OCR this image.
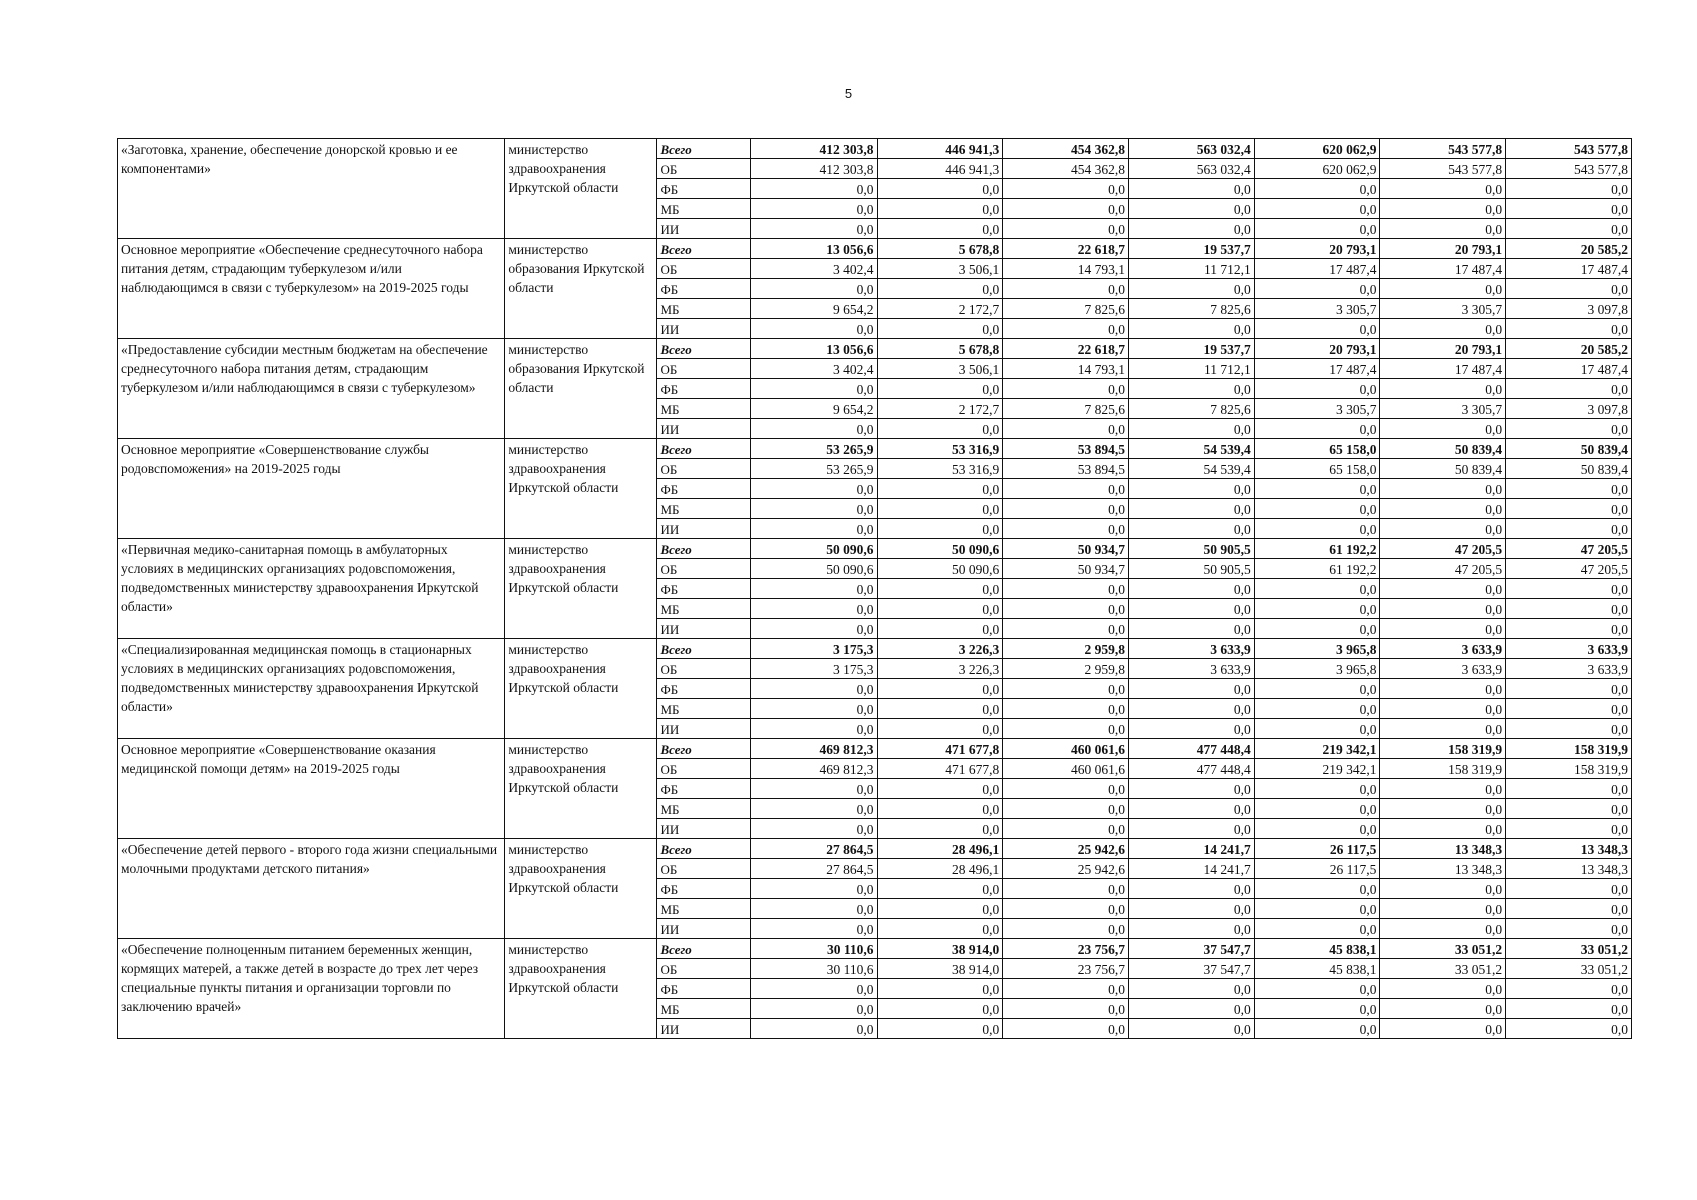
5
«Заготовка, хранение, обеспечение донорской кровью и ее компонентами»	министерство здравоохранения Иркутской области	Всего	412 303,8	446 941,3	454 362,8	563 032,4	620 062,9	543 577,8	543 577,8
		ОБ	412 303,8	446 941,3	454 362,8	563 032,4	620 062,9	543 577,8	543 577,8
		ФБ	0,0	0,0	0,0	0,0	0,0	0,0	0,0
		МБ	0,0	0,0	0,0	0,0	0,0	0,0	0,0
		ИИ	0,0	0,0	0,0	0,0	0,0	0,0	0,0
Основное мероприятие «Обеспечение среднесуточного набора питания детям, страдающим туберкулезом и/или наблюдающимся в связи с туберкулезом» на 2019-2025 годы	министерство образования Иркутской области	Всего	13 056,6	5 678,8	22 618,7	19 537,7	20 793,1	20 793,1	20 585,2
		ОБ	3 402,4	3 506,1	14 793,1	11 712,1	17 487,4	17 487,4	17 487,4
		ФБ	0,0	0,0	0,0	0,0	0,0	0,0	0,0
		МБ	9 654,2	2 172,7	7 825,6	7 825,6	3 305,7	3 305,7	3 097,8
		ИИ	0,0	0,0	0,0	0,0	0,0	0,0	0,0
«Предоставление субсидии местным бюджетам на обеспечение среднесуточного набора питания детям, страдающим туберкулезом и/или наблюдающимся в связи с туберкулезом»	министерство образования Иркутской области	Всего	13 056,6	5 678,8	22 618,7	19 537,7	20 793,1	20 793,1	20 585,2
		ОБ	3 402,4	3 506,1	14 793,1	11 712,1	17 487,4	17 487,4	17 487,4
		ФБ	0,0	0,0	0,0	0,0	0,0	0,0	0,0
		МБ	9 654,2	2 172,7	7 825,6	7 825,6	3 305,7	3 305,7	3 097,8
		ИИ	0,0	0,0	0,0	0,0	0,0	0,0	0,0
Основное мероприятие «Совершенствование службы родовспоможения» на 2019-2025 годы	министерство здравоохранения Иркутской области	Всего	53 265,9	53 316,9	53 894,5	54 539,4	65 158,0	50 839,4	50 839,4
		ОБ	53 265,9	53 316,9	53 894,5	54 539,4	65 158,0	50 839,4	50 839,4
		ФБ	0,0	0,0	0,0	0,0	0,0	0,0	0,0
		МБ	0,0	0,0	0,0	0,0	0,0	0,0	0,0
		ИИ	0,0	0,0	0,0	0,0	0,0	0,0	0,0
«Первичная медико-санитарная помощь в амбулаторных условиях в медицинских организациях родовспоможения, подведомственных министерству здравоохранения Иркутской области»	министерство здравоохранения Иркутской области	Всего	50 090,6	50 090,6	50 934,7	50 905,5	61 192,2	47 205,5	47 205,5
		ОБ	50 090,6	50 090,6	50 934,7	50 905,5	61 192,2	47 205,5	47 205,5
		ФБ	0,0	0,0	0,0	0,0	0,0	0,0	0,0
		МБ	0,0	0,0	0,0	0,0	0,0	0,0	0,0
		ИИ	0,0	0,0	0,0	0,0	0,0	0,0	0,0
«Специализированная медицинская помощь в стационарных условиях в медицинских организациях родовспоможения, подведомственных министерству здравоохранения Иркутской области»	министерство здравоохранения Иркутской области	Всего	3 175,3	3 226,3	2 959,8	3 633,9	3 965,8	3 633,9	3 633,9
		ОБ	3 175,3	3 226,3	2 959,8	3 633,9	3 965,8	3 633,9	3 633,9
		ФБ	0,0	0,0	0,0	0,0	0,0	0,0	0,0
		МБ	0,0	0,0	0,0	0,0	0,0	0,0	0,0
		ИИ	0,0	0,0	0,0	0,0	0,0	0,0	0,0
Основное мероприятие «Совершенствование оказания медицинской помощи детям» на 2019-2025 годы	министерство здравоохранения Иркутской области	Всего	469 812,3	471 677,8	460 061,6	477 448,4	219 342,1	158 319,9	158 319,9
		ОБ	469 812,3	471 677,8	460 061,6	477 448,4	219 342,1	158 319,9	158 319,9
		ФБ	0,0	0,0	0,0	0,0	0,0	0,0	0,0
		МБ	0,0	0,0	0,0	0,0	0,0	0,0	0,0
		ИИ	0,0	0,0	0,0	0,0	0,0	0,0	0,0
«Обеспечение детей первого - второго года жизни специальными молочными продуктами детского питания»	министерство здравоохранения Иркутской области	Всего	27 864,5	28 496,1	25 942,6	14 241,7	26 117,5	13 348,3	13 348,3
		ОБ	27 864,5	28 496,1	25 942,6	14 241,7	26 117,5	13 348,3	13 348,3
		ФБ	0,0	0,0	0,0	0,0	0,0	0,0	0,0
		МБ	0,0	0,0	0,0	0,0	0,0	0,0	0,0
		ИИ	0,0	0,0	0,0	0,0	0,0	0,0	0,0
«Обеспечение полноценным питанием беременных женщин, кормящих матерей, а также детей в возрасте до трех лет через специальные пункты питания и организации торговли по заключению врачей»	министерство здравоохранения Иркутской области	Всего	30 110,6	38 914,0	23 756,7	37 547,7	45 838,1	33 051,2	33 051,2
		ОБ	30 110,6	38 914,0	23 756,7	37 547,7	45 838,1	33 051,2	33 051,2
		ФБ	0,0	0,0	0,0	0,0	0,0	0,0	0,0
		МБ	0,0	0,0	0,0	0,0	0,0	0,0	0,0
		ИИ	0,0	0,0	0,0	0,0	0,0	0,0	0,0
